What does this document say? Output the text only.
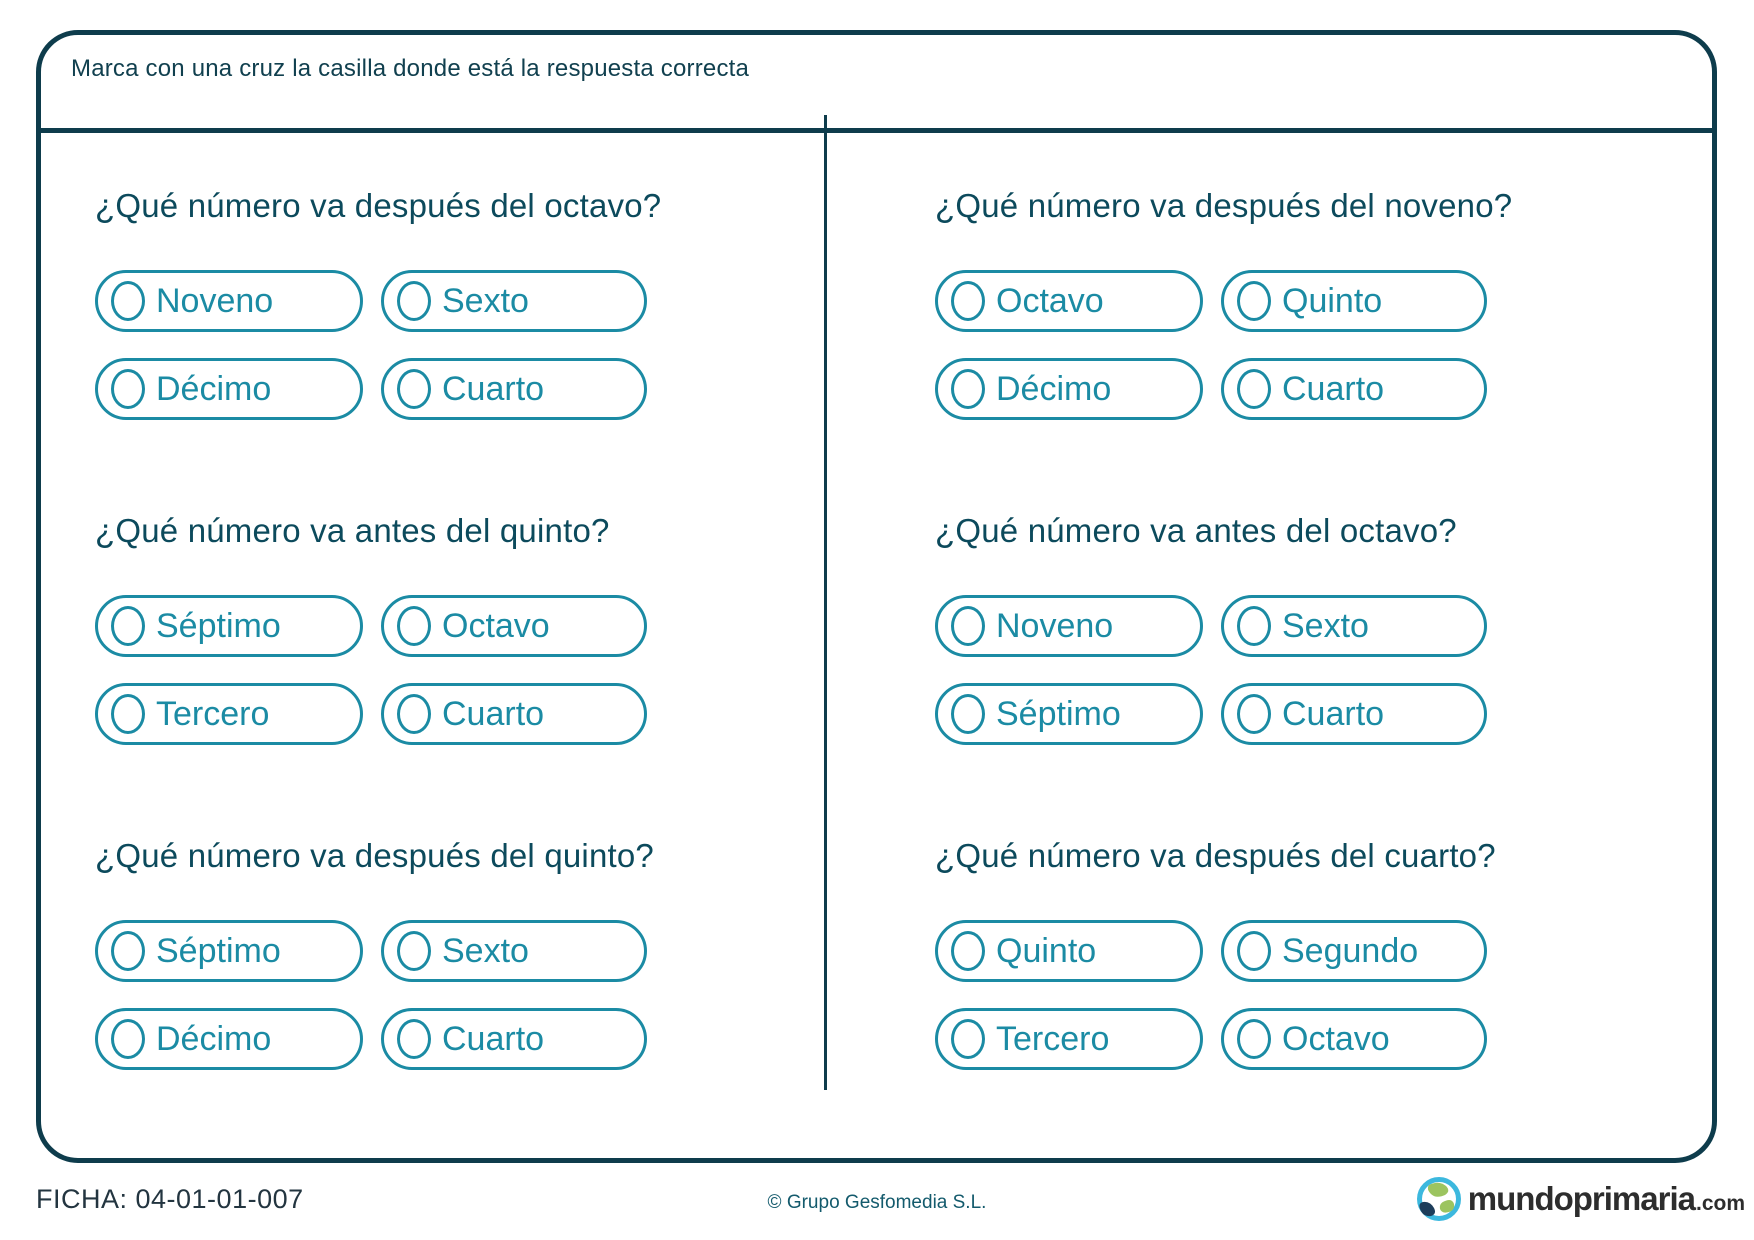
Marca con una cruz la casilla donde está la respuesta correcta

¿Qué número va después del octavo?

Noveno	Sexto
Décimo	Cuarto

¿Qué número va antes del quinto?

Séptimo	Octavo
Tercero	Cuarto

¿Qué número va después del quinto?

Séptimo	Sexto
Décimo	Cuarto

¿Qué número va después del noveno?

Octavo	Quinto
Décimo	Cuarto

¿Qué número va antes del octavo?

Noveno	Sexto
Séptimo	Cuarto

¿Qué número va después del cuarto?

Quinto	Segundo
Tercero	Octavo
FICHA: 04-01-01-007	© Grupo Gesfomedia S.L.	mundoprimaria .com
